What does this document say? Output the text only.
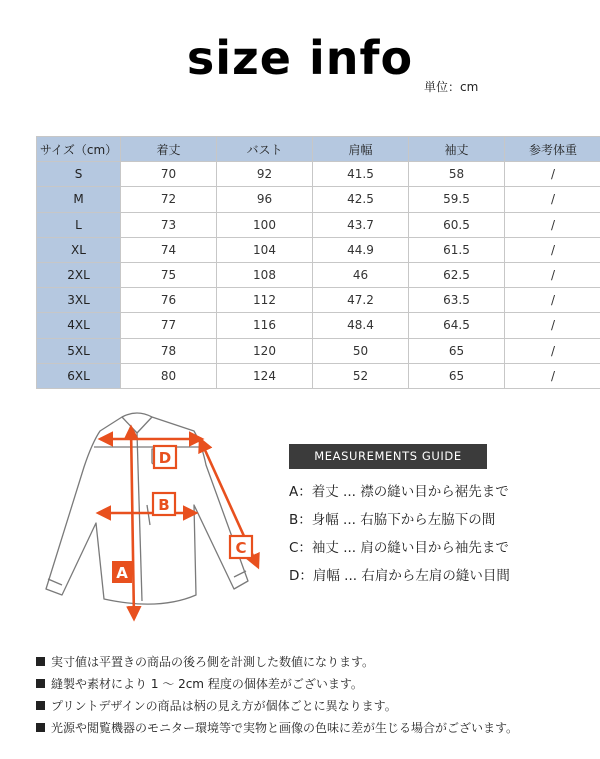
size info
単位：cm
サイズ（cm）	着丈	バスト	肩幅	袖丈	参考体重
S	70	92	41.5	58	/
M	72	96	42.5	59.5	/
L	73	100	43.7	60.5	/
XL	74	104	44.9	61.5	/
2XL	75	108	46	62.5	/
3XL	76	112	47.2	63.5	/
4XL	77	116	48.4	64.5	/
5XL	78	120	50	65	/
6XL	80	124	52	65	/
A
B
C
D	MEASUREMENTS GUIDE
A：着丈 ... 襟の縫い目から裾先まで
B：身幅 ... 右脇下から左脇下の間
C：袖丈 ... 肩の縫い目から袖先まで
D：肩幅 ... 右肩から左肩の縫い目間
実寸値は平置きの商品の後ろ側を計測した数値になります。
縫製や素材により 1 ～ 2cm 程度の個体差がございます。
プリントデザインの商品は柄の見え方が個体ごとに異なります。
光源や閲覧機器のモニター環境等で実物と画像の色味に差が生じる場合がございます。
